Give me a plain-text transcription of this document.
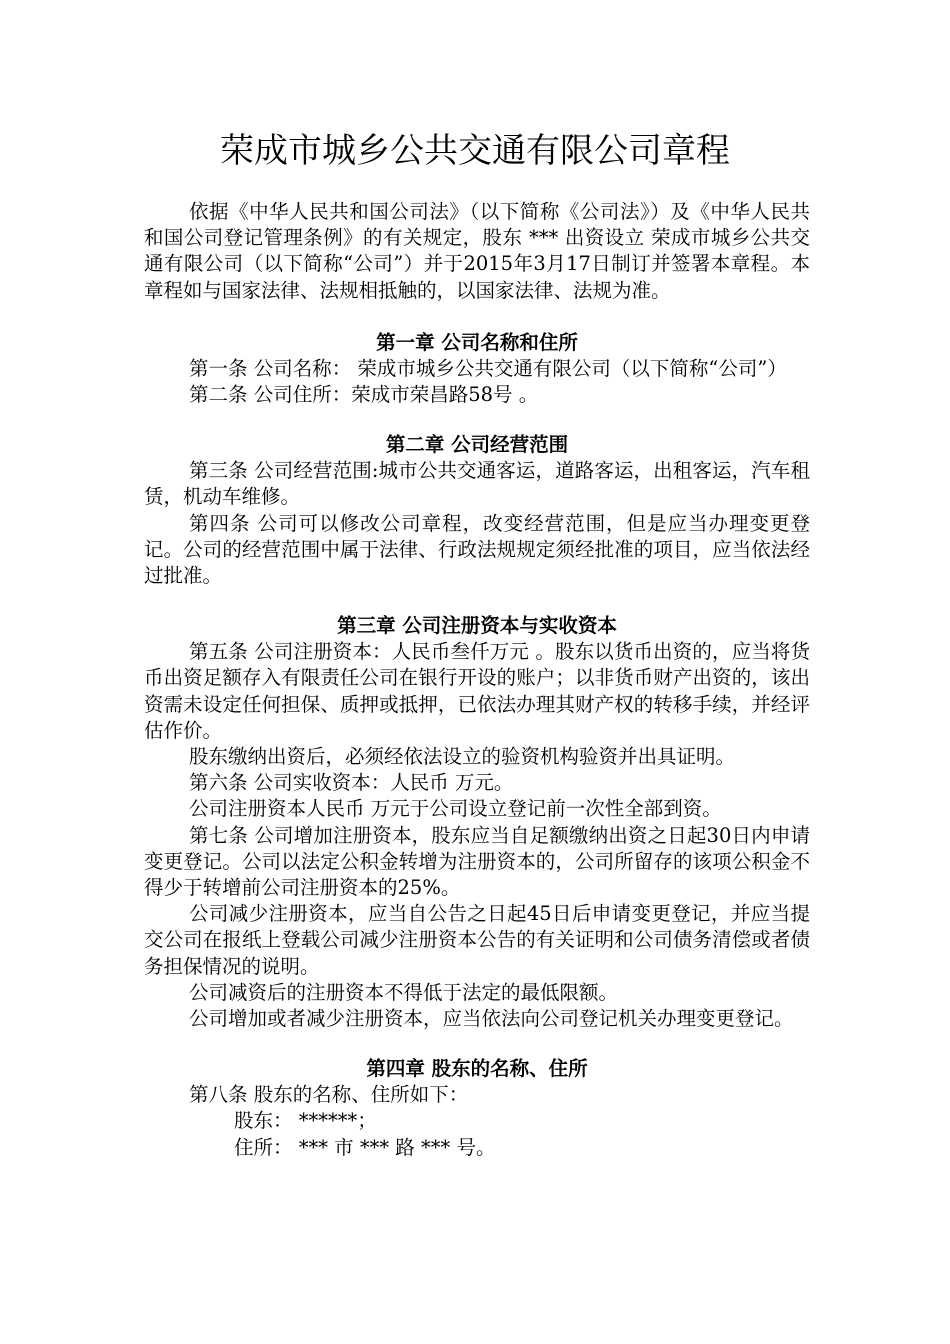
荣成市城乡公共交通有限公司章程

依据《中华人民共和国公司法》（以下简称《公司法》）及《中华人民共和国公司登记管理条例》的有关规定，股东 *** 出资设立 荣成市城乡公共交通有限公司（以下简称“公司”）并于2015年3月17日制订并签署本章程。本章程如与国家法律、法规相抵触的，以国家法律、法规为准。

第一章 公司名称和住所

第一条 公司名称： 荣成市城乡公共交通有限公司（以下简称“公司”）

第二条 公司住所：荣成市荣昌路58号 。

第二章 公司经营范围

第三条 公司经营范围:城市公共交通客运，道路客运，出租客运，汽车租赁，机动车维修。

第四条 公司可以修改公司章程，改变经营范围，但是应当办理变更登记。公司的经营范围中属于法律、行政法规规定须经批准的项目，应当依法经过批准。

第三章 公司注册资本与实收资本

第五条 公司注册资本：人民币叁仟万元 。股东以货币出资的，应当将货币出资足额存入有限责任公司在银行开设的账户；以非货币财产出资的，该出资需未设定任何担保、质押或抵押，已依法办理其财产权的转移手续，并经评估作价。

股东缴纳出资后，必须经依法设立的验资机构验资并出具证明。

第六条 公司实收资本：人民币 万元。

公司注册资本人民币 万元于公司设立登记前一次性全部到资。

第七条 公司增加注册资本，股东应当自足额缴纳出资之日起30日内申请变更登记。公司以法定公积金转增为注册资本的，公司所留存的该项公积金不得少于转增前公司注册资本的25%。

公司减少注册资本，应当自公告之日起45日后申请变更登记，并应当提交公司在报纸上登载公司减少注册资本公告的有关证明和公司债务清偿或者债务担保情况的说明。

公司减资后的注册资本不得低于法定的最低限额。

公司增加或者减少注册资本，应当依法向公司登记机关办理变更登记。

第四章 股东的名称、住所

第八条 股东的名称、住所如下：

股东： ******；

住所： *** 市 *** 路 *** 号。
